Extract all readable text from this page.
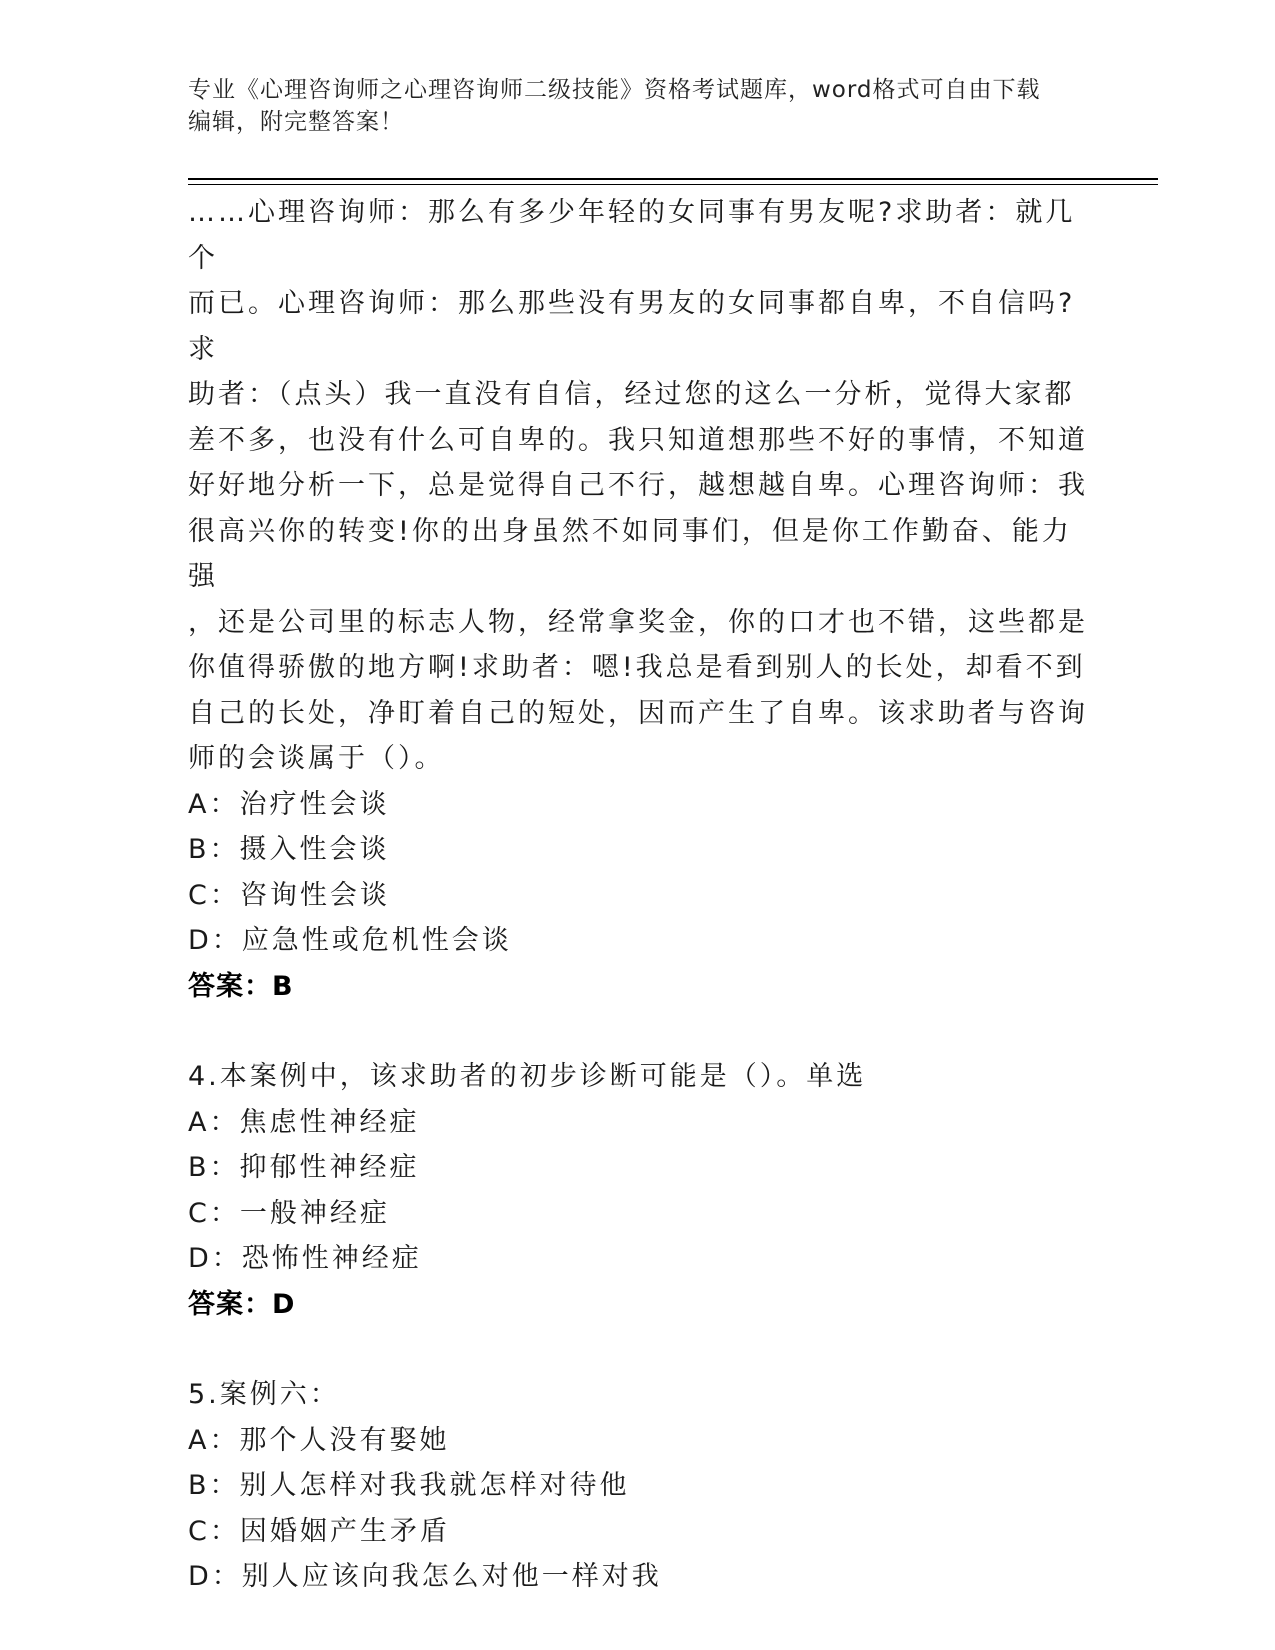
专业《心理咨询师之心理咨询师二级技能》资格考试题库，word格式可自由下载
编辑，附完整答案！

……心理咨询师：那么有多少年轻的女同事有男友呢?求助者：就几个

而已。心理咨询师：那么那些没有男友的女同事都自卑，不自信吗?求

助者：（点头）我一直没有自信，经过您的这么一分析，觉得大家都

差不多，也没有什么可自卑的。我只知道想那些不好的事情，不知道

好好地分析一下，总是觉得自己不行，越想越自卑。心理咨询师：我

很高兴你的转变!你的出身虽然不如同事们，但是你工作勤奋、能力强

，还是公司里的标志人物，经常拿奖金，你的口才也不错，这些都是

你值得骄傲的地方啊!求助者：嗯!我总是看到别人的长处，却看不到

自己的长处，净盯着自己的短处，因而产生了自卑。该求助者与咨询

师的会谈属于（）。

A：治疗性会谈

B：摄入性会谈

C：咨询性会谈

D：应急性或危机性会谈

答案：B

4.本案例中，该求助者的初步诊断可能是（）。单选

A：焦虑性神经症

B：抑郁性神经症

C：一般神经症

D：恐怖性神经症

答案：D

5.案例六：

A：那个人没有娶她

B：别人怎样对我我就怎样对待他

C：因婚姻产生矛盾

D：别人应该向我怎么对他一样对我
